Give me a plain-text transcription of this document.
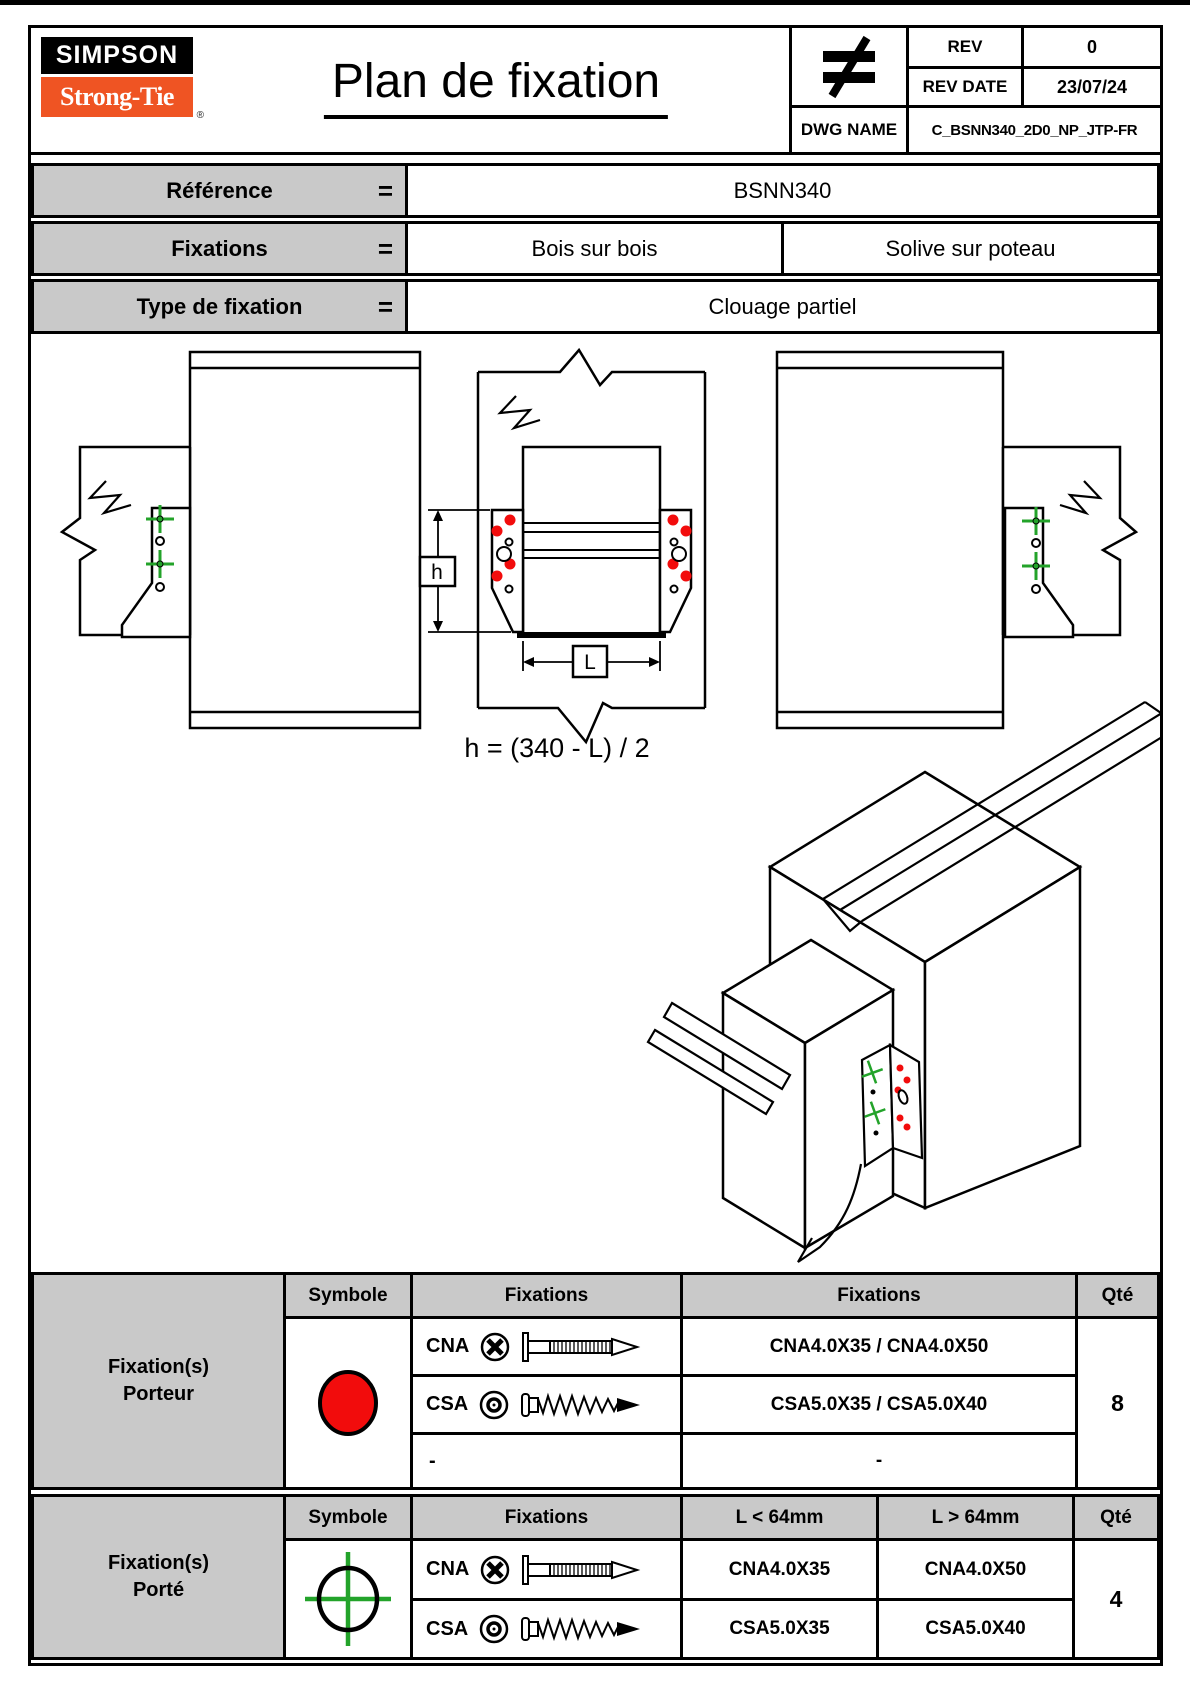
SIMPSON
Strong-Tie
®
Plan de fixation
REV	0
REV DATE	23/07/24
DWG NAME	C_BSNN340_2D0_NP_JTP-FR
Référence	=	BSNN340
Fixations	=	Bois sur bois	Solive sur poteau
Type de fixation	=	Clouage partiel
h
L
h = (340 - L) / 2
Fixation(s)
Porteur
Symbole	Fixations	Fixations	Qté
CNA	CNA4.0X35 / CNA4.0X50
8
CSA	CSA5.0X35 / CSA5.0X40
-	-
Fixation(s)
Porté
Symbole	Fixations	L < 64mm	L > 64mm	Qté
CNA	CNA4.0X35	CNA4.0X50
4
CSA	CSA5.0X35	CSA5.0X40
